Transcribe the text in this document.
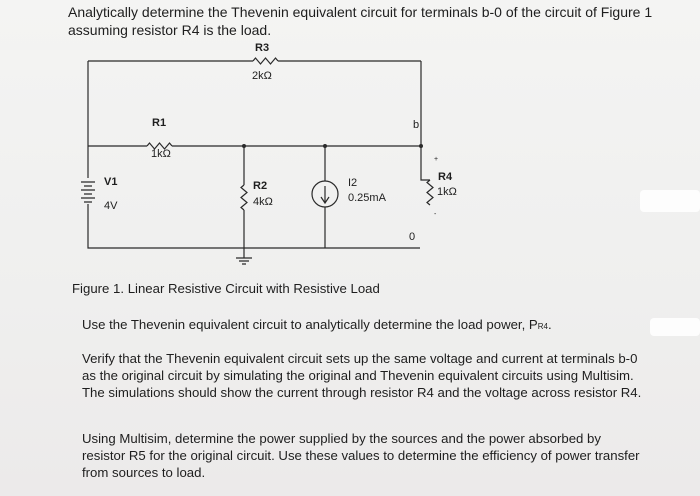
Analytically determine the Thevenin equivalent circuit for terminals b-0 of the circuit of Figure 1 assuming resistor R4 is the load.
R3
2kΩ
R1
1kΩ
R2
4kΩ
V1
4V
I2
0.25mA
b
0
R4
1kΩ
+
-
Figure 1. Linear Resistive Circuit with Resistive Load
Use the Thevenin equivalent circuit to analytically determine the load power, PR4.
Verify that the Thevenin equivalent circuit sets up the same voltage and current at terminals b-0 as the original circuit by simulating the original and Thevenin equivalent circuits using Multisim. The simulations should show the current through resistor R4 and the voltage across resistor R4.
Using Multisim, determine the power supplied by the sources and the power absorbed by resistor R5 for the original circuit. Use these values to determine the efficiency of power transfer from sources to load.
